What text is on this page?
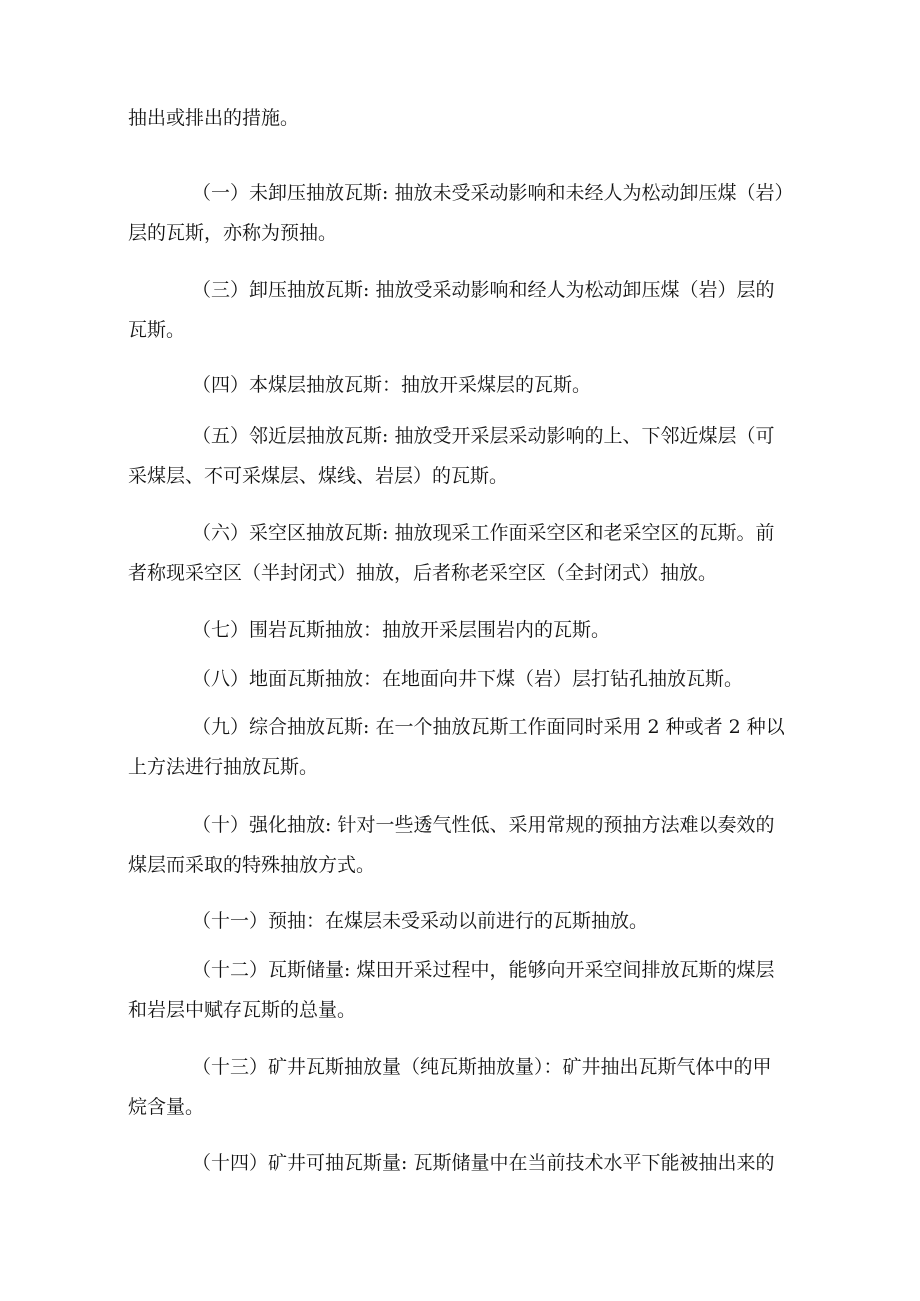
抽出或排出的措施。
（一）未卸压抽放瓦斯: 抽放未受采动影响和未经人为松动卸压煤（岩）
层的瓦斯，亦称为预抽。
（三）卸压抽放瓦斯: 抽放受采动影响和经人为松动卸压煤（岩）层的
瓦斯。
（四）本煤层抽放瓦斯：抽放开采煤层的瓦斯。
（五）邻近层抽放瓦斯: 抽放受开采层采动影响的上、下邻近煤层（可
采煤层、不可采煤层、煤线、岩层）的瓦斯。
（六）采空区抽放瓦斯: 抽放现采工作面采空区和老采空区的瓦斯。前
者称现采空区（半封闭式）抽放，后者称老采空区（全封闭式）抽放。
（七）围岩瓦斯抽放：抽放开采层围岩内的瓦斯。
（八）地面瓦斯抽放：在地面向井下煤（岩）层打钻孔抽放瓦斯。
（九）综合抽放瓦斯: 在一个抽放瓦斯工作面同时采用 2 种或者 2 种以
上方法进行抽放瓦斯。
（十）强化抽放: 针对一些透气性低、采用常规的预抽方法难以奏效的
煤层而采取的特殊抽放方式。
（十一）预抽：在煤层未受采动以前进行的瓦斯抽放。
（十二）瓦斯储量: 煤田开采过程中，能够向开采空间排放瓦斯的煤层
和岩层中赋存瓦斯的总量。
（十三）矿井瓦斯抽放量（纯瓦斯抽放量）：矿井抽出瓦斯气体中的甲
烷含量。
（十四）矿井可抽瓦斯量: 瓦斯储量中在当前技术水平下能被抽出来的
